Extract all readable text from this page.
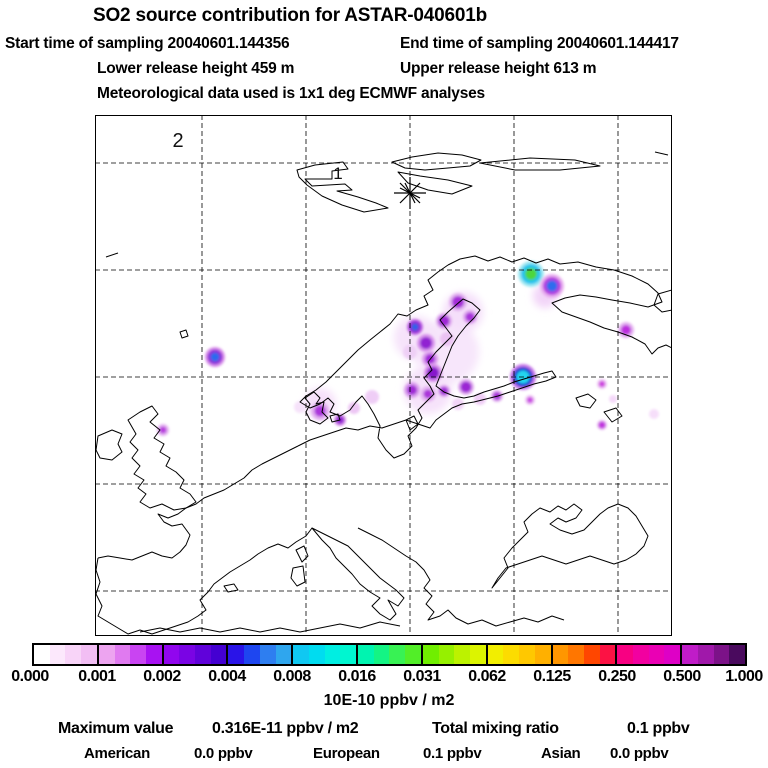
SO2 source contribution for ASTAR-040601b
Start time of sampling 20040601.144356	End time of sampling 20040601.144417
Lower release height 459 m	Upper release height 613 m
Meteorological data used is 1x1 deg ECMWF analyses
2
1
0.000 0.001 0.002 0.004 0.008 0.016 0.031 0.062 0.125 0.250 0.500 1.000
10E-10 ppbv / m2
Maximum value 0.316E-11 ppbv / m2	Total mixing ratio	0.1 ppbv
American	0.0 ppbv	European	0.1 ppbv	Asian 0.0 ppbv
